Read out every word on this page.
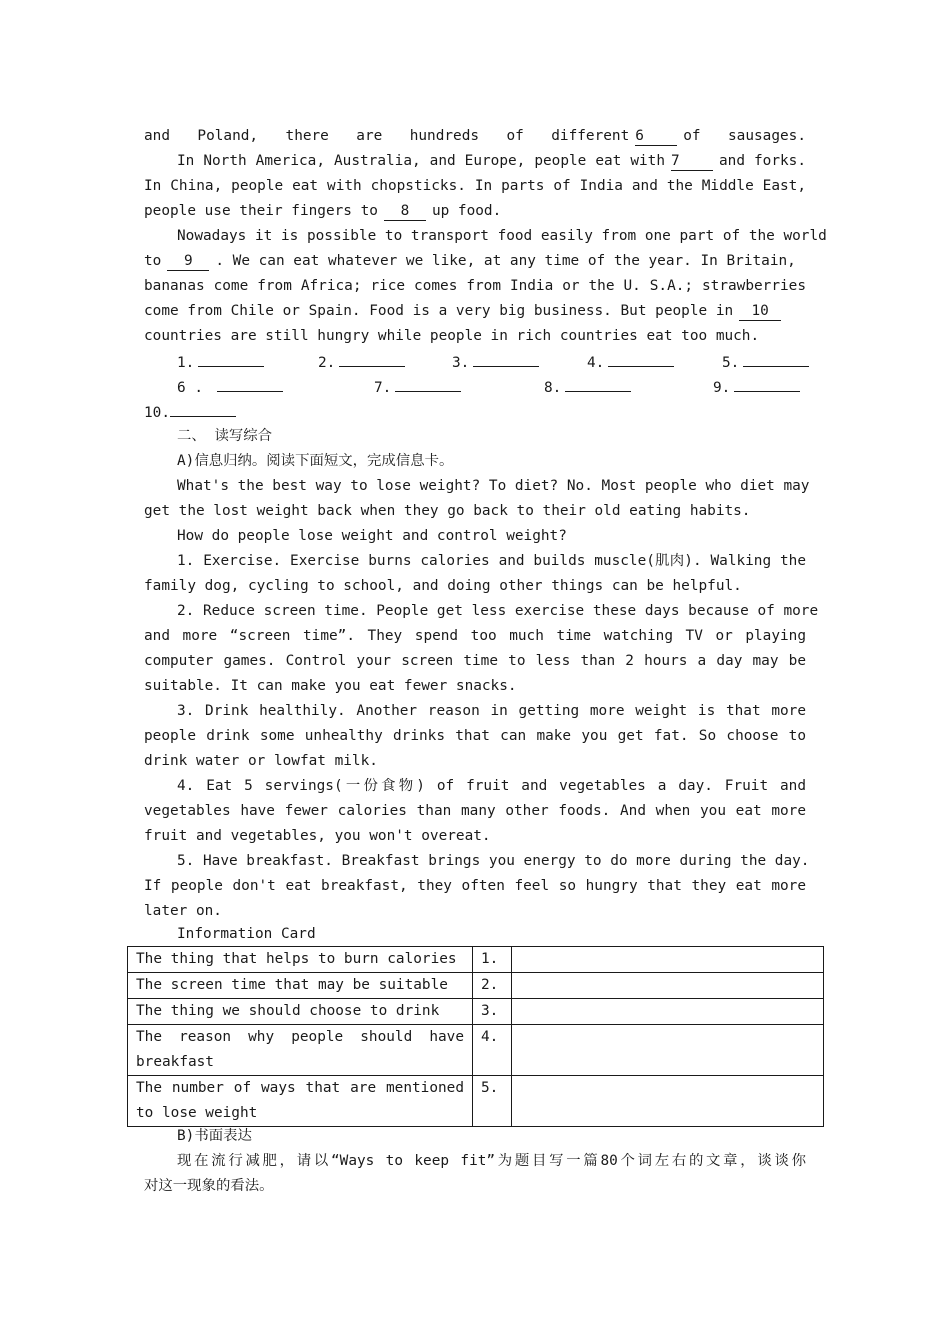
and Poland, there are hundreds of different 6	of sausages.
In North America, Australia, and Europe, people eat with 7	and forks.
In China, people eat with chopsticks. In parts of India and the Middle East,
people use their fingers to 8 up food.
Nowadays it is possible to transport food easily from one part of the world
to 9 . We can eat whatever we like, at any time of the year. In Britain,
bananas come from Africa; rice comes from India or the U. S.A.; strawberries
come from Chile or Spain. Food is a very big business. But people in 10
countries are still hungry while people in rich countries eat too much.
1.	2.	3.	4.	5.
6 .	7.	8.	9.
10.
二、 读写综合
A)信息归纳。阅读下面短文，完成信息卡。
What's the best way to lose weight? To diet? No. Most people who diet may
get the lost weight back when they go back to their old eating habits.
How do people lose weight and control weight?
1. Exercise. Exercise burns calories and builds muscle(肌肉). Walking the
family dog, cycling to school, and doing other things can be helpful.
2. Reduce screen time. People get less exercise these days because of more
and more “screen time”. They spend too much time watching TV or playing
computer games. Control your screen time to less than 2 hours a day may be
suitable. It can make you eat fewer snacks.
3. Drink healthily. Another reason in getting more weight is that more
people drink some unhealthy drinks that can make you get fat. So choose to
drink water or lowfat milk.
4. Eat 5 servings(一份食物) of fruit and vegetables a day. Fruit and
vegetables have fewer calories than many other foods. And when you eat more
fruit and vegetables, you won't overeat.
5. Have breakfast. Breakfast brings you energy to do more during the day.
If people don't eat breakfast, they often feel so hungry that they eat more
later on.
Information Card
The thing that helps to burn calories	1.	
The screen time that may be suitable	2.	
The thing we should choose to drink	3.	
The reason why people should have breakfast	4.	
The number of ways that are mentioned to lose weight	5.	
B)书面表达
现在流行减肥，请以“Ways to keep fit”为题目写一篇80个词左右的文章，谈谈你
对这一现象的看法。
